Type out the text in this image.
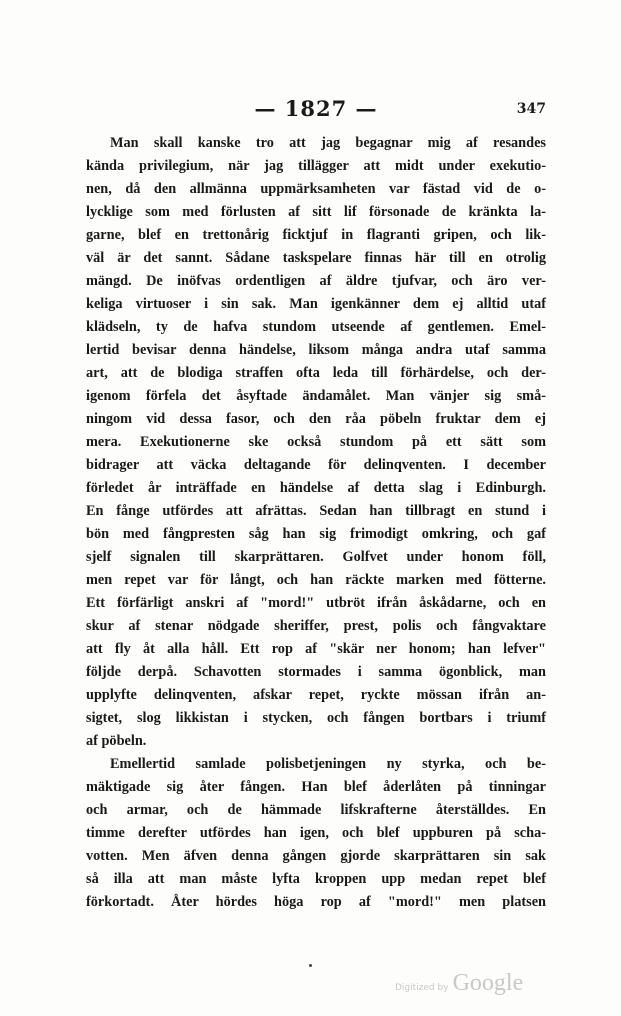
— 1827 —	347
Man skall kanske tro att jag begagnar mig af resandes
kända privilegium, när jag tillägger att midt under exekutio-
nen, då den allmänna uppmärksamheten var fästad vid de o-
lycklige som med förlusten af sitt lif försonade de kränkta la-
garne, blef en trettonårig ficktjuf in flagranti gripen, och lik-
väl är det sannt. Sådane taskspelare finnas här till en otrolig
mängd. De inöfvas ordentligen af äldre tjufvar, och äro ver-
keliga virtuoser i sin sak. Man igenkänner dem ej alltid utaf
klädseln, ty de hafva stundom utseende af gentlemen. Emel-
lertid bevisar denna händelse, liksom många andra utaf samma
art, att de blodiga straffen ofta leda till förhärdelse, och der-
igenom förfela det åsyftade ändamålet. Man vänjer sig små-
ningom vid dessa fasor, och den råa pöbeln fruktar dem ej
mera. Exekutionerne ske också stundom på ett sätt som
bidrager att väcka deltagande för delinqventen. I december
förledet år inträffade en händelse af detta slag i Edinburgh.
En fånge utfördes att afrättas. Sedan han tillbragt en stund i
bön med fångpresten såg han sig frimodigt omkring, och gaf
sjelf signalen till skarprättaren. Golfvet under honom föll,
men repet var för långt, och han räckte marken med fötterne.
Ett förfärligt anskri af "mord!" utbröt ifrån åskådarne, och en
skur af stenar nödgade sheriffer, prest, polis och fångvaktare
att fly åt alla håll. Ett rop af "skär ner honom; han lefver"
följde derpå. Schavotten stormades i samma ögonblick, man
upplyfte delinqventen, afskar repet, ryckte mössan ifrån an-
sigtet, slog likkistan i stycken, och fången bortbars i triumf
af pöbeln.
Emellertid samlade polisbetjeningen ny styrka, och be-
mäktigade sig åter fången. Han blef åderlåten på tinningar
och armar, och de hämmade lifskrafterne återställdes. En
timme derefter utfördes han igen, och blef uppburen på scha-
votten. Men äfven denna gången gjorde skarprättaren sin sak
så illa att man måste lyfta kroppen upp medan repet blef
förkortadt. Åter hördes höga rop af "mord!" men platsen
Digitized by Google
